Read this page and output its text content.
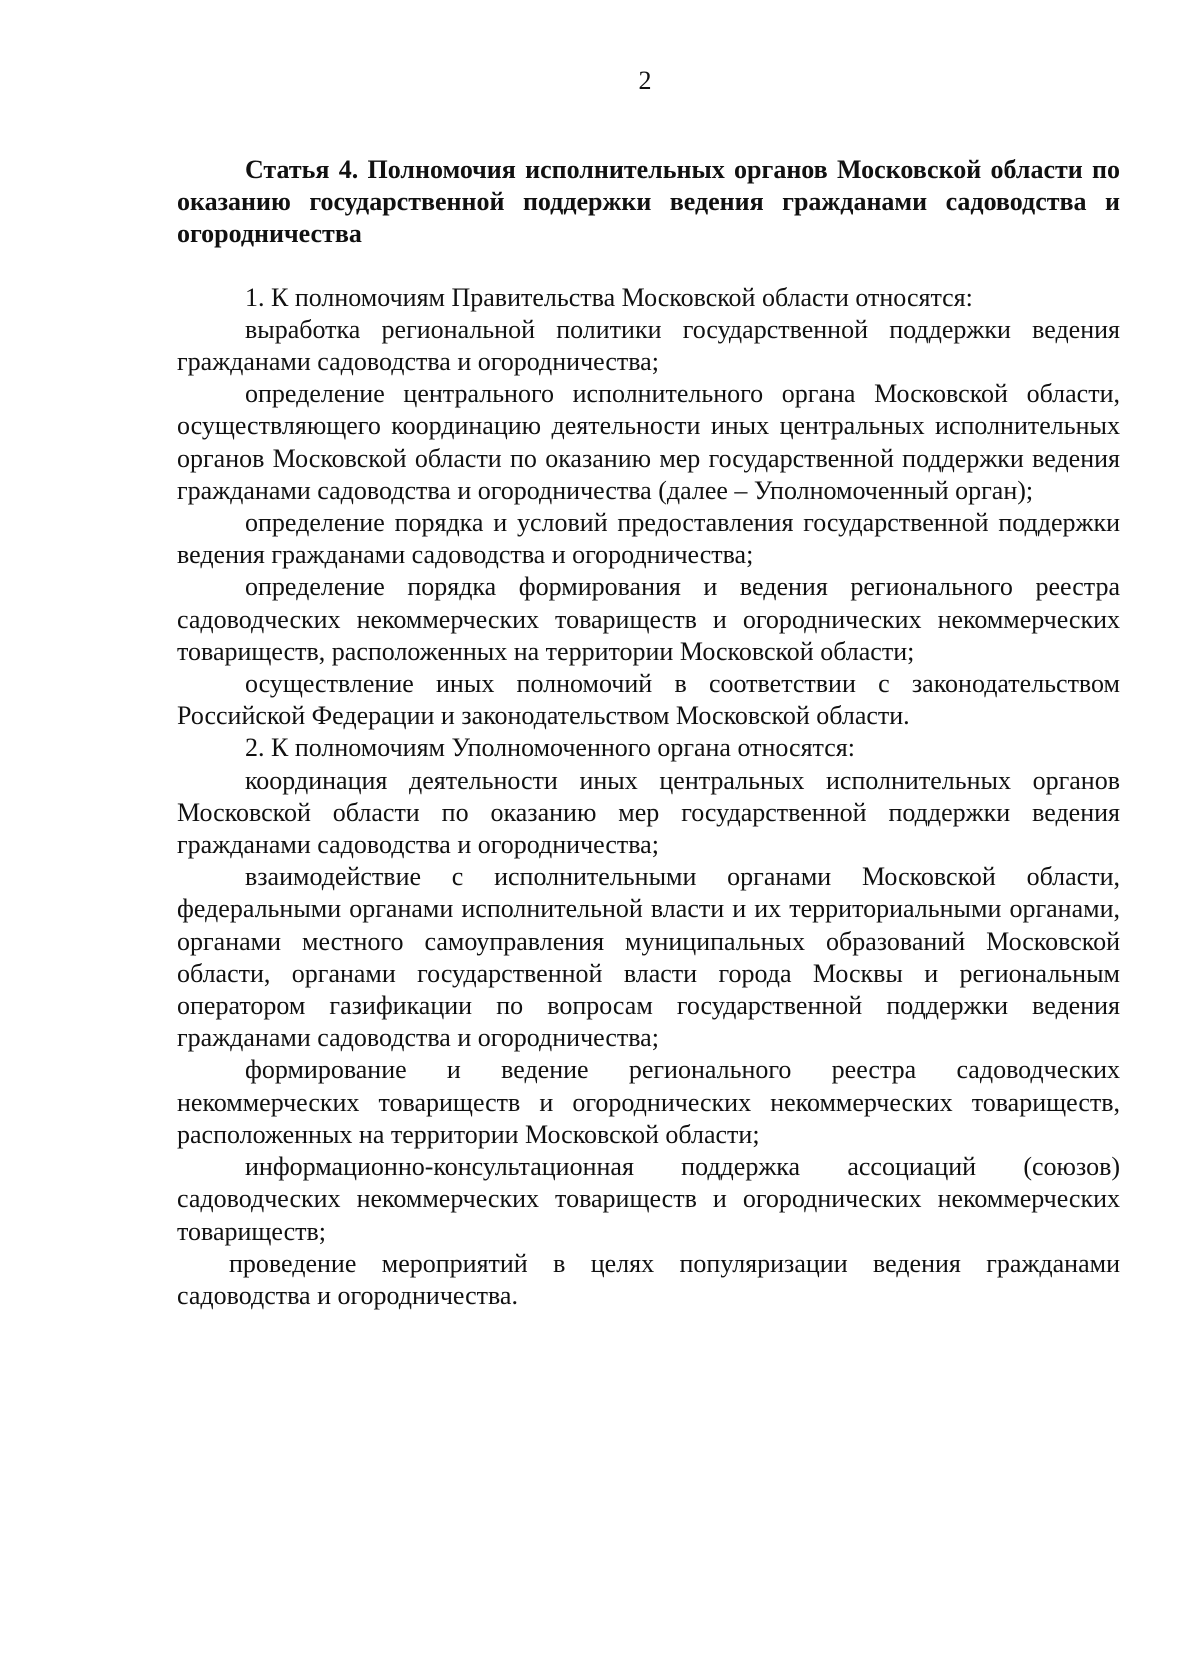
2

Статья 4. Полномочия исполнительных органов Московской области по оказанию государственной поддержки ведения гражданами садоводства и огородничества

1. К полномочиям Правительства Московской области относятся:

выработка региональной политики государственной поддержки ведения гражданами садоводства и огородничества;

определение центрального исполнительного органа Московской области, осуществляющего координацию деятельности иных центральных исполнительных органов Московской области по оказанию мер государственной поддержки ведения гражданами садоводства и огородничества (далее – Уполномоченный орган);

определение порядка и условий предоставления государственной поддержки ведения гражданами садоводства и огородничества;

определение порядка формирования и ведения регионального реестра садоводческих некоммерческих товариществ и огороднических некоммерческих товариществ, расположенных на территории Московской области;

осуществление иных полномочий в соответствии с законодательством Российской Федерации и законодательством Московской области.

2. К полномочиям Уполномоченного органа относятся:

координация деятельности иных центральных исполнительных органов Московской области по оказанию мер государственной поддержки ведения гражданами садоводства и огородничества;

взаимодействие с исполнительными органами Московской области, федеральными органами исполнительной власти и их территориальными органами, органами местного самоуправления муниципальных образований Московской области, органами государственной власти города Москвы и региональным оператором газификации по вопросам государственной поддержки ведения гражданами садоводства и огородничества;

формирование и ведение регионального реестра садоводческих некоммерческих товариществ и огороднических некоммерческих товариществ, расположенных на территории Московской области;

информационно-консультационная поддержка ассоциаций (союзов) садоводческих некоммерческих товариществ и огороднических некоммерческих товариществ;

проведение мероприятий в целях популяризации ведения гражданами садоводства и огородничества.
